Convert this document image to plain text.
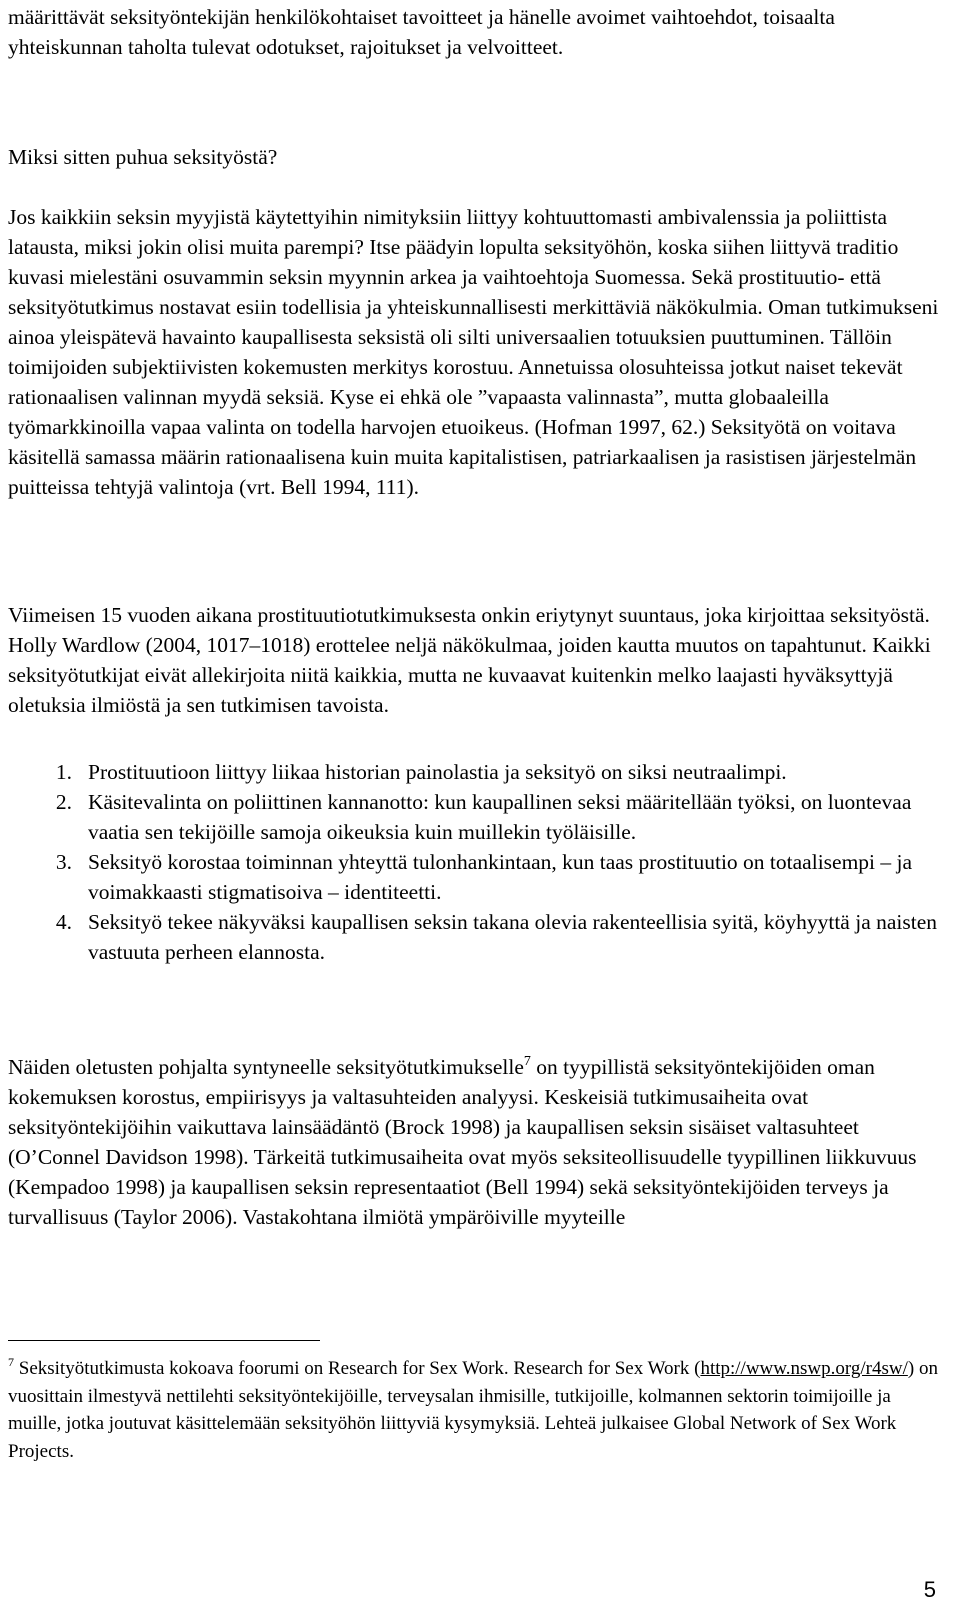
määrittävät seksityöntekijän henkilökohtaiset tavoitteet ja hänelle avoimet vaihtoehdot, toisaalta yhteiskunnan taholta tulevat odotukset, rajoitukset ja velvoitteet.

Miksi sitten puhua seksityöstä?

Jos kaikkiin seksin myyjistä käytettyihin nimityksiin liittyy kohtuuttomasti ambivalenssia ja poliittista latausta, miksi jokin olisi muita parempi? Itse päädyin lopulta seksityöhön, koska siihen liittyvä traditio kuvasi mielestäni osuvammin seksin myynnin arkea ja vaihtoehtoja Suomessa. Sekä prostituutio- että seksityötutkimus nostavat esiin todellisia ja yhteiskunnallisesti merkittäviä näkökulmia. Oman tutkimukseni ainoa yleispätevä havainto kaupallisesta seksistä oli silti universaalien totuuksien puuttuminen. Tällöin toimijoiden subjektiivisten kokemusten merkitys korostuu. Annetuissa olosuhteissa jotkut naiset tekevät rationaalisen valinnan myydä seksiä. Kyse ei ehkä ole ”vapaasta valinnasta”, mutta globaaleilla työmarkkinoilla vapaa valinta on todella harvojen etuoikeus. (Hofman 1997, 62.) Seksityötä on voitava käsitellä samassa määrin rationaalisena kuin muita kapitalistisen, patriarkaalisen ja rasistisen järjestelmän puitteissa tehtyjä valintoja (vrt. Bell 1994, 111).

Viimeisen 15 vuoden aikana prostituutiotutkimuksesta onkin eriytynyt suuntaus, joka kirjoittaa seksityöstä. Holly Wardlow (2004, 1017–1018) erottelee neljä näkökulmaa, joiden kautta muutos on tapahtunut. Kaikki seksityötutkijat eivät allekirjoita niitä kaikkia, mutta ne kuvaavat kuitenkin melko laajasti hyväksyttyjä oletuksia ilmiöstä ja sen tutkimisen tavoista.

1. Prostituutioon liittyy liikaa historian painolastia ja seksityö on siksi neutraalimpi.
2. Käsitevalinta on poliittinen kannanotto: kun kaupallinen seksi määritellään työksi, on luontevaa vaatia sen tekijöille samoja oikeuksia kuin muillekin työläisille.
3. Seksityö korostaa toiminnan yhteyttä tulonhankintaan, kun taas prostituutio on totaalisempi – ja voimakkaasti stigmatisoiva – identiteetti.
4. Seksityö tekee näkyväksi kaupallisen seksin takana olevia rakenteellisia syitä, köyhyyttä ja naisten vastuuta perheen elannosta.

Näiden oletusten pohjalta syntyneelle seksityötutkimukselle$^7$ on tyypillistä seksityöntekijöiden oman kokemuksen korostus, empiirisyys ja valtasuhteiden analyysi. Keskeisiä tutkimusaiheita ovat seksityöntekijöihin vaikuttava lainsäädäntö (Brock 1998) ja kaupallisen seksin sisäiset valtasuhteet (O’Connel Davidson 1998). Tärkeitä tutkimusaiheita ovat myös seksiteollisuudelle tyypillinen liikkuvuus (Kempadoo 1998) ja kaupallisen seksin representaatiot (Bell 1994) sekä seksityöntekijöiden terveys ja turvallisuus (Taylor 2006). Vastakohtana ilmiötä ympäröiville myyteille

$^7$ Seksityötutkimusta kokoava foorumi on Research for Sex Work. Research for Sex Work (http://www.nswp.org/r4sw/) on vuosittain ilmestyvä nettilehti seksityöntekijöille, terveysalan ihmisille, tutkijoille, kolmannen sektorin toimijoille ja muille, jotka joutuvat käsittelemään seksityöhön liittyviä kysymyksiä. Lehteä julkaisee Global Network of Sex Work Projects.

5
